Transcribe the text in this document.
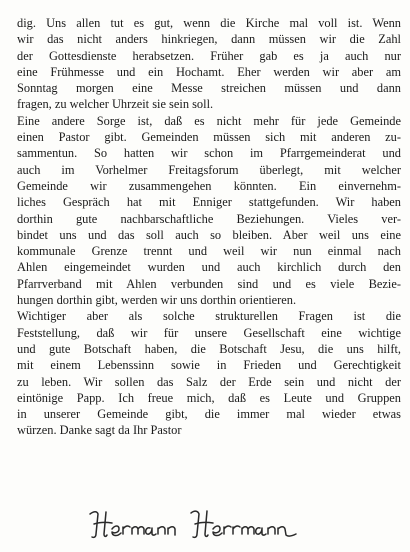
dig. Uns allen tut es gut, wenn die Kirche mal voll ist. Wenn
wir das nicht anders hinkriegen, dann müssen wir die Zahl
der Gottesdienste herabsetzen. Früher gab es ja auch nur
eine Frühmesse und ein Hochamt. Eher werden wir aber am
Sonntag morgen eine Messe streichen müssen und dann
fragen, zu welcher Uhrzeit sie sein soll.
Eine andere Sorge ist, daß es nicht mehr für jede Gemeinde
einen Pastor gibt. Gemeinden müssen sich mit anderen zu-
sammentun. So hatten wir schon im Pfarrgemeinderat und
auch im Vorhelmer Freitagsforum überlegt, mit welcher
Gemeinde wir zusammengehen könnten. Ein einvernehm-
liches Gespräch hat mit Enniger stattgefunden. Wir haben
dorthin gute nachbarschaftliche Beziehungen. Vieles ver-
bindet uns und das soll auch so bleiben. Aber weil uns eine
kommunale Grenze trennt und weil wir nun einmal nach
Ahlen eingemeindet wurden und auch kirchlich durch den
Pfarrverband mit Ahlen verbunden sind und es viele Bezie-
hungen dorthin gibt, werden wir uns dorthin orientieren.
Wichtiger aber als solche strukturellen Fragen ist die
Feststellung, daß wir für unsere Gesellschaft eine wichtige
und gute Botschaft haben, die Botschaft Jesu, die uns hilft,
mit einem Lebenssinn sowie in Frieden und Gerechtigkeit
zu leben. Wir sollen das Salz der Erde sein und nicht der
eintönige Papp. Ich freue mich, daß es Leute und Gruppen
in unserer Gemeinde gibt, die immer mal wieder etwas
würzen. Danke sagt da Ihr Pastor
